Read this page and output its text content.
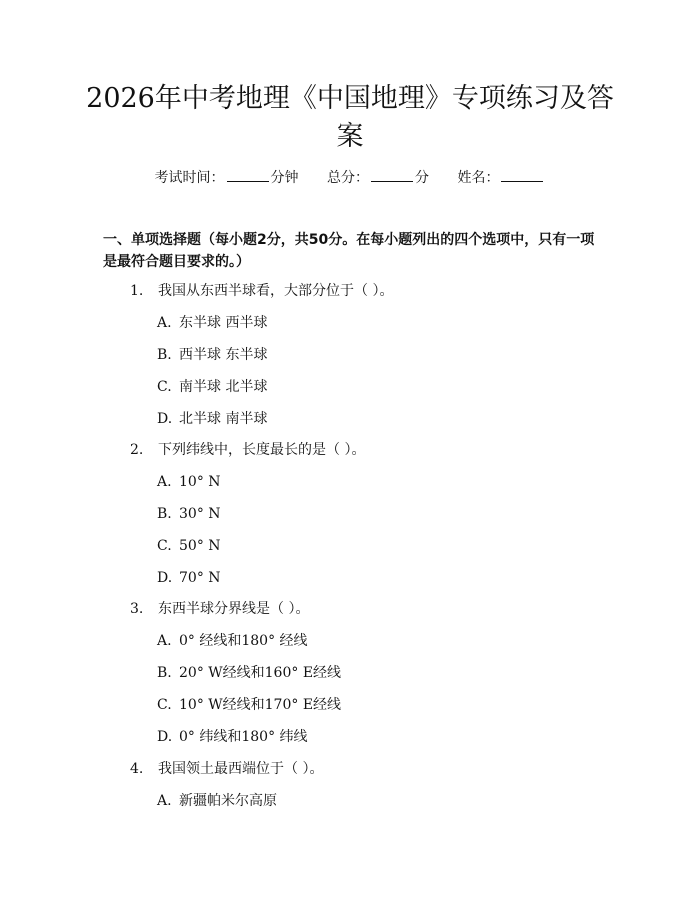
2026年中考地理《中国地理》专项练习及答
案
考试时间：	分钟 总分：	分 姓名：
一、单项选择题（每小题2分，共50分。在每小题列出的四个选项中，只有一项是最符合题目要求的。）
1. 我国从东西半球看，大部分位于（ ）。
A. 东半球 西半球
B. 西半球 东半球
C. 南半球 北半球
D. 北半球 南半球
2. 下列纬线中，长度最长的是（ ）。
A. 10° N
B. 30° N
C. 50° N
D. 70° N
3. 东西半球分界线是（ ）。
A. 0° 经线和180° 经线
B. 20° W经线和160° E经线
C. 10° W经线和170° E经线
D. 0° 纬线和180° 纬线
4. 我国领土最西端位于（ ）。
A. 新疆帕米尔高原
